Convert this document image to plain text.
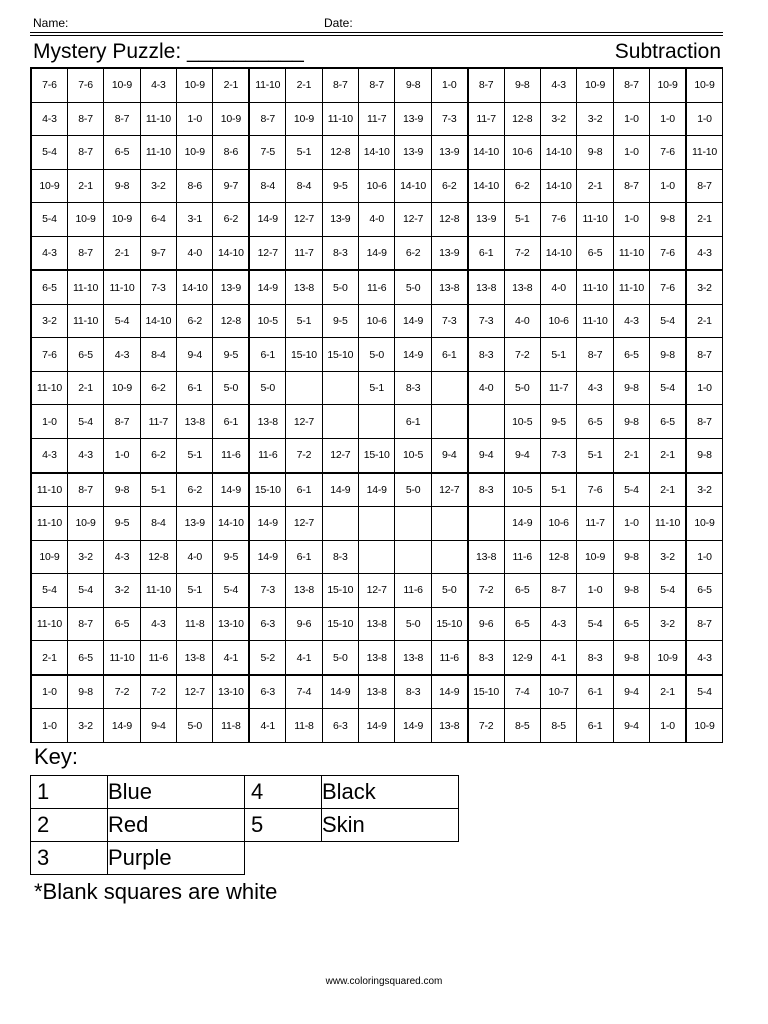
Name:	Date:
Mystery Puzzle: __________	Subtraction
7-6	7-6	10-9	4-3	10-9	2-1	11-10	2-1	8-7	8-7	9-8	1-0	8-7	9-8	4-3	10-9	8-7	10-9	10-9
4-3	8-7	8-7	11-10	1-0	10-9	8-7	10-9	11-10	11-7	13-9	7-3	11-7	12-8	3-2	3-2	1-0	1-0	1-0
5-4	8-7	6-5	11-10	10-9	8-6	7-5	5-1	12-8	14-10	13-9	13-9	14-10	10-6	14-10	9-8	1-0	7-6	11-10
10-9	2-1	9-8	3-2	8-6	9-7	8-4	8-4	9-5	10-6	14-10	6-2	14-10	6-2	14-10	2-1	8-7	1-0	8-7
5-4	10-9	10-9	6-4	3-1	6-2	14-9	12-7	13-9	4-0	12-7	12-8	13-9	5-1	7-6	11-10	1-0	9-8	2-1
4-3	8-7	2-1	9-7	4-0	14-10	12-7	11-7	8-3	14-9	6-2	13-9	6-1	7-2	14-10	6-5	11-10	7-6	4-3
6-5	11-10	11-10	7-3	14-10	13-9	14-9	13-8	5-0	11-6	5-0	13-8	13-8	13-8	4-0	11-10	11-10	7-6	3-2
3-2	11-10	5-4	14-10	6-2	12-8	10-5	5-1	9-5	10-6	14-9	7-3	7-3	4-0	10-6	11-10	4-3	5-4	2-1
7-6	6-5	4-3	8-4	9-4	9-5	6-1	15-10	15-10	5-0	14-9	6-1	8-3	7-2	5-1	8-7	6-5	9-8	8-7
11-10	2-1	10-9	6-2	6-1	5-0	5-0			5-1	8-3		4-0	5-0	11-7	4-3	9-8	5-4	1-0
1-0	5-4	8-7	11-7	13-8	6-1	13-8	12-7			6-1			10-5	9-5	6-5	9-8	6-5	8-7
4-3	4-3	1-0	6-2	5-1	11-6	11-6	7-2	12-7	15-10	10-5	9-4	9-4	9-4	7-3	5-1	2-1	2-1	9-8
11-10	8-7	9-8	5-1	6-2	14-9	15-10	6-1	14-9	14-9	5-0	12-7	8-3	10-5	5-1	7-6	5-4	2-1	3-2
11-10	10-9	9-5	8-4	13-9	14-10	14-9	12-7						14-9	10-6	11-7	1-0	11-10	10-9
10-9	3-2	4-3	12-8	4-0	9-5	14-9	6-1	8-3				13-8	11-6	12-8	10-9	9-8	3-2	1-0
5-4	5-4	3-2	11-10	5-1	5-4	7-3	13-8	15-10	12-7	11-6	5-0	7-2	6-5	8-7	1-0	9-8	5-4	6-5
11-10	8-7	6-5	4-3	11-8	13-10	6-3	9-6	15-10	13-8	5-0	15-10	9-6	6-5	4-3	5-4	6-5	3-2	8-7
2-1	6-5	11-10	11-6	13-8	4-1	5-2	4-1	5-0	13-8	13-8	11-6	8-3	12-9	4-1	8-3	9-8	10-9	4-3
1-0	9-8	7-2	7-2	12-7	13-10	6-3	7-4	14-9	13-8	8-3	14-9	15-10	7-4	10-7	6-1	9-4	2-1	5-4
1-0	3-2	14-9	9-4	5-0	11-8	4-1	11-8	6-3	14-9	14-9	13-8	7-2	8-5	8-5	6-1	9-4	1-0	10-9
Key:
1	Blue	4	Black
2	Red	5	Skin
3	Purple		
*Blank squares are white
www.coloringsquared.com
